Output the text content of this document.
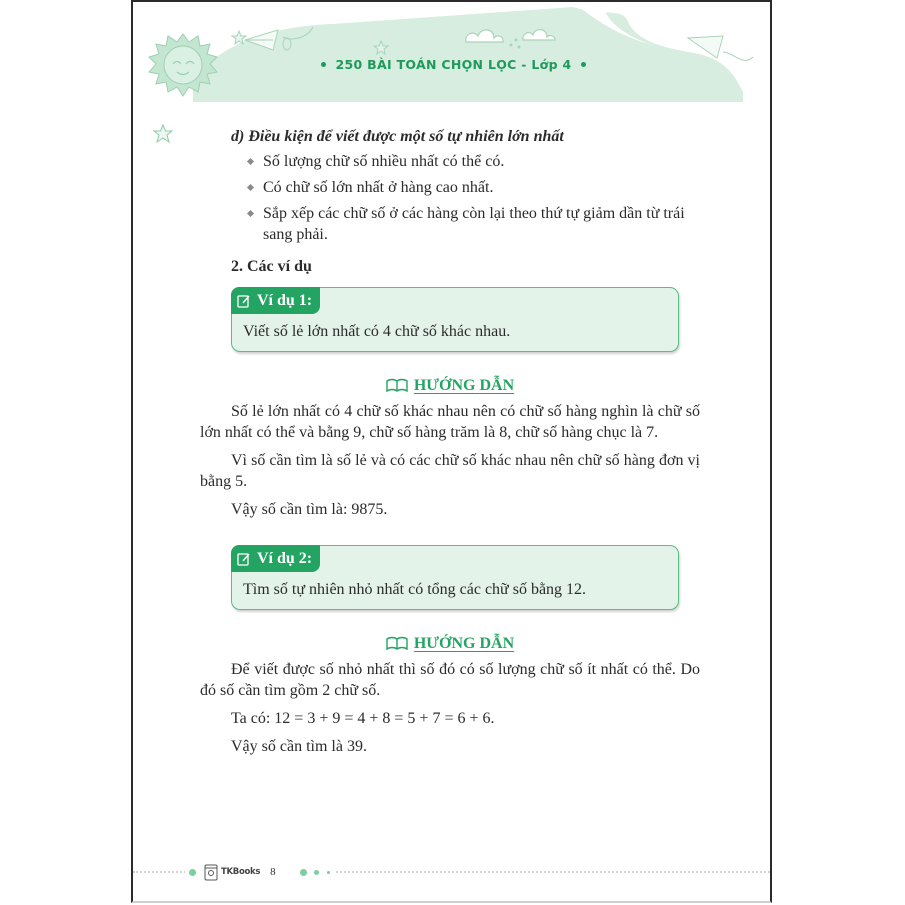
250 BÀI TOÁN CHỌN LỌC - Lớp 4
d) Điều kiện để viết được một số tự nhiên lớn nhất
Số lượng chữ số nhiều nhất có thể có.
Có chữ số lớn nhất ở hàng cao nhất.
Sắp xếp các chữ số ở các hàng còn lại theo thứ tự giảm dần từ trái sang phải.
2. Các ví dụ
Ví dụ 1:
Viết số lẻ lớn nhất có 4 chữ số khác nhau.
HƯỚNG DẪN

Số lẻ lớn nhất có 4 chữ số khác nhau nên có chữ số hàng nghìn là chữ số lớn nhất có thể và bằng 9, chữ số hàng trăm là 8, chữ số hàng chục là 7.

Vì số cần tìm là số lẻ và có các chữ số khác nhau nên chữ số hàng đơn vị bằng 5.

Vậy số cần tìm là: 9875.

Ví dụ 2:
Tìm số tự nhiên nhỏ nhất có tổng các chữ số bằng 12.
HƯỚNG DẪN

Để viết được số nhỏ nhất thì số đó có số lượng chữ số ít nhất có thể. Do đó số cần tìm gồm 2 chữ số.

Ta có: 12 = 3 + 9 = 4 + 8 = 5 + 7 = 6 + 6.

Vậy số cần tìm là 39.

TKBooks 8
